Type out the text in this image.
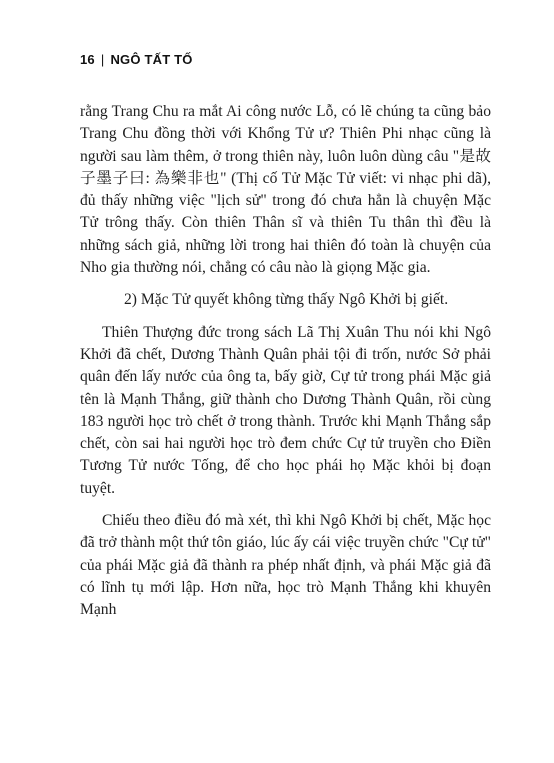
16 | NGÔ TẤT TỐ

rằng Trang Chu ra mắt Ai công nước Lỗ, có lẽ chúng ta cũng bảo Trang Chu đồng thời với Khổng Tử ư? Thiên Phi nhạc cũng là người sau làm thêm, ở trong thiên này, luôn luôn dùng câu "是故子墨子曰: 為樂非也" (Thị cố Tử Mặc Tử viết: vi nhạc phi dã), đủ thấy những việc "lịch sử" trong đó chưa hẳn là chuyện Mặc Tử trông thấy. Còn thiên Thân sĩ và thiên Tu thân thì đều là những sách giả, những lời trong hai thiên đó toàn là chuyện của Nho gia thường nói, chẳng có câu nào là giọng Mặc gia.

2) Mặc Tử quyết không từng thấy Ngô Khởi bị giết.

Thiên Thượng đức trong sách Lã Thị Xuân Thu nói khi Ngô Khởi đã chết, Dương Thành Quân phải tội đi trốn, nước Sở phải quân đến lấy nước của ông ta, bấy giờ, Cự tử trong phái Mặc giả tên là Mạnh Thắng, giữ thành cho Dương Thành Quân, rồi cùng 183 người học trò chết ở trong thành. Trước khi Mạnh Thắng sắp chết, còn sai hai người học trò đem chức Cự tử truyền cho Điền Tương Tử nước Tống, để cho học phái họ Mặc khỏi bị đoạn tuyệt.

Chiếu theo điều đó mà xét, thì khi Ngô Khởi bị chết, Mặc học đã trở thành một thứ tôn giáo, lúc ấy cái việc truyền chức "Cự tử" của phái Mặc giả đã thành ra phép nhất định, và phái Mặc giả đã có lĩnh tụ mới lập. Hơn nữa, học trò Mạnh Thắng khi khuyên Mạnh
